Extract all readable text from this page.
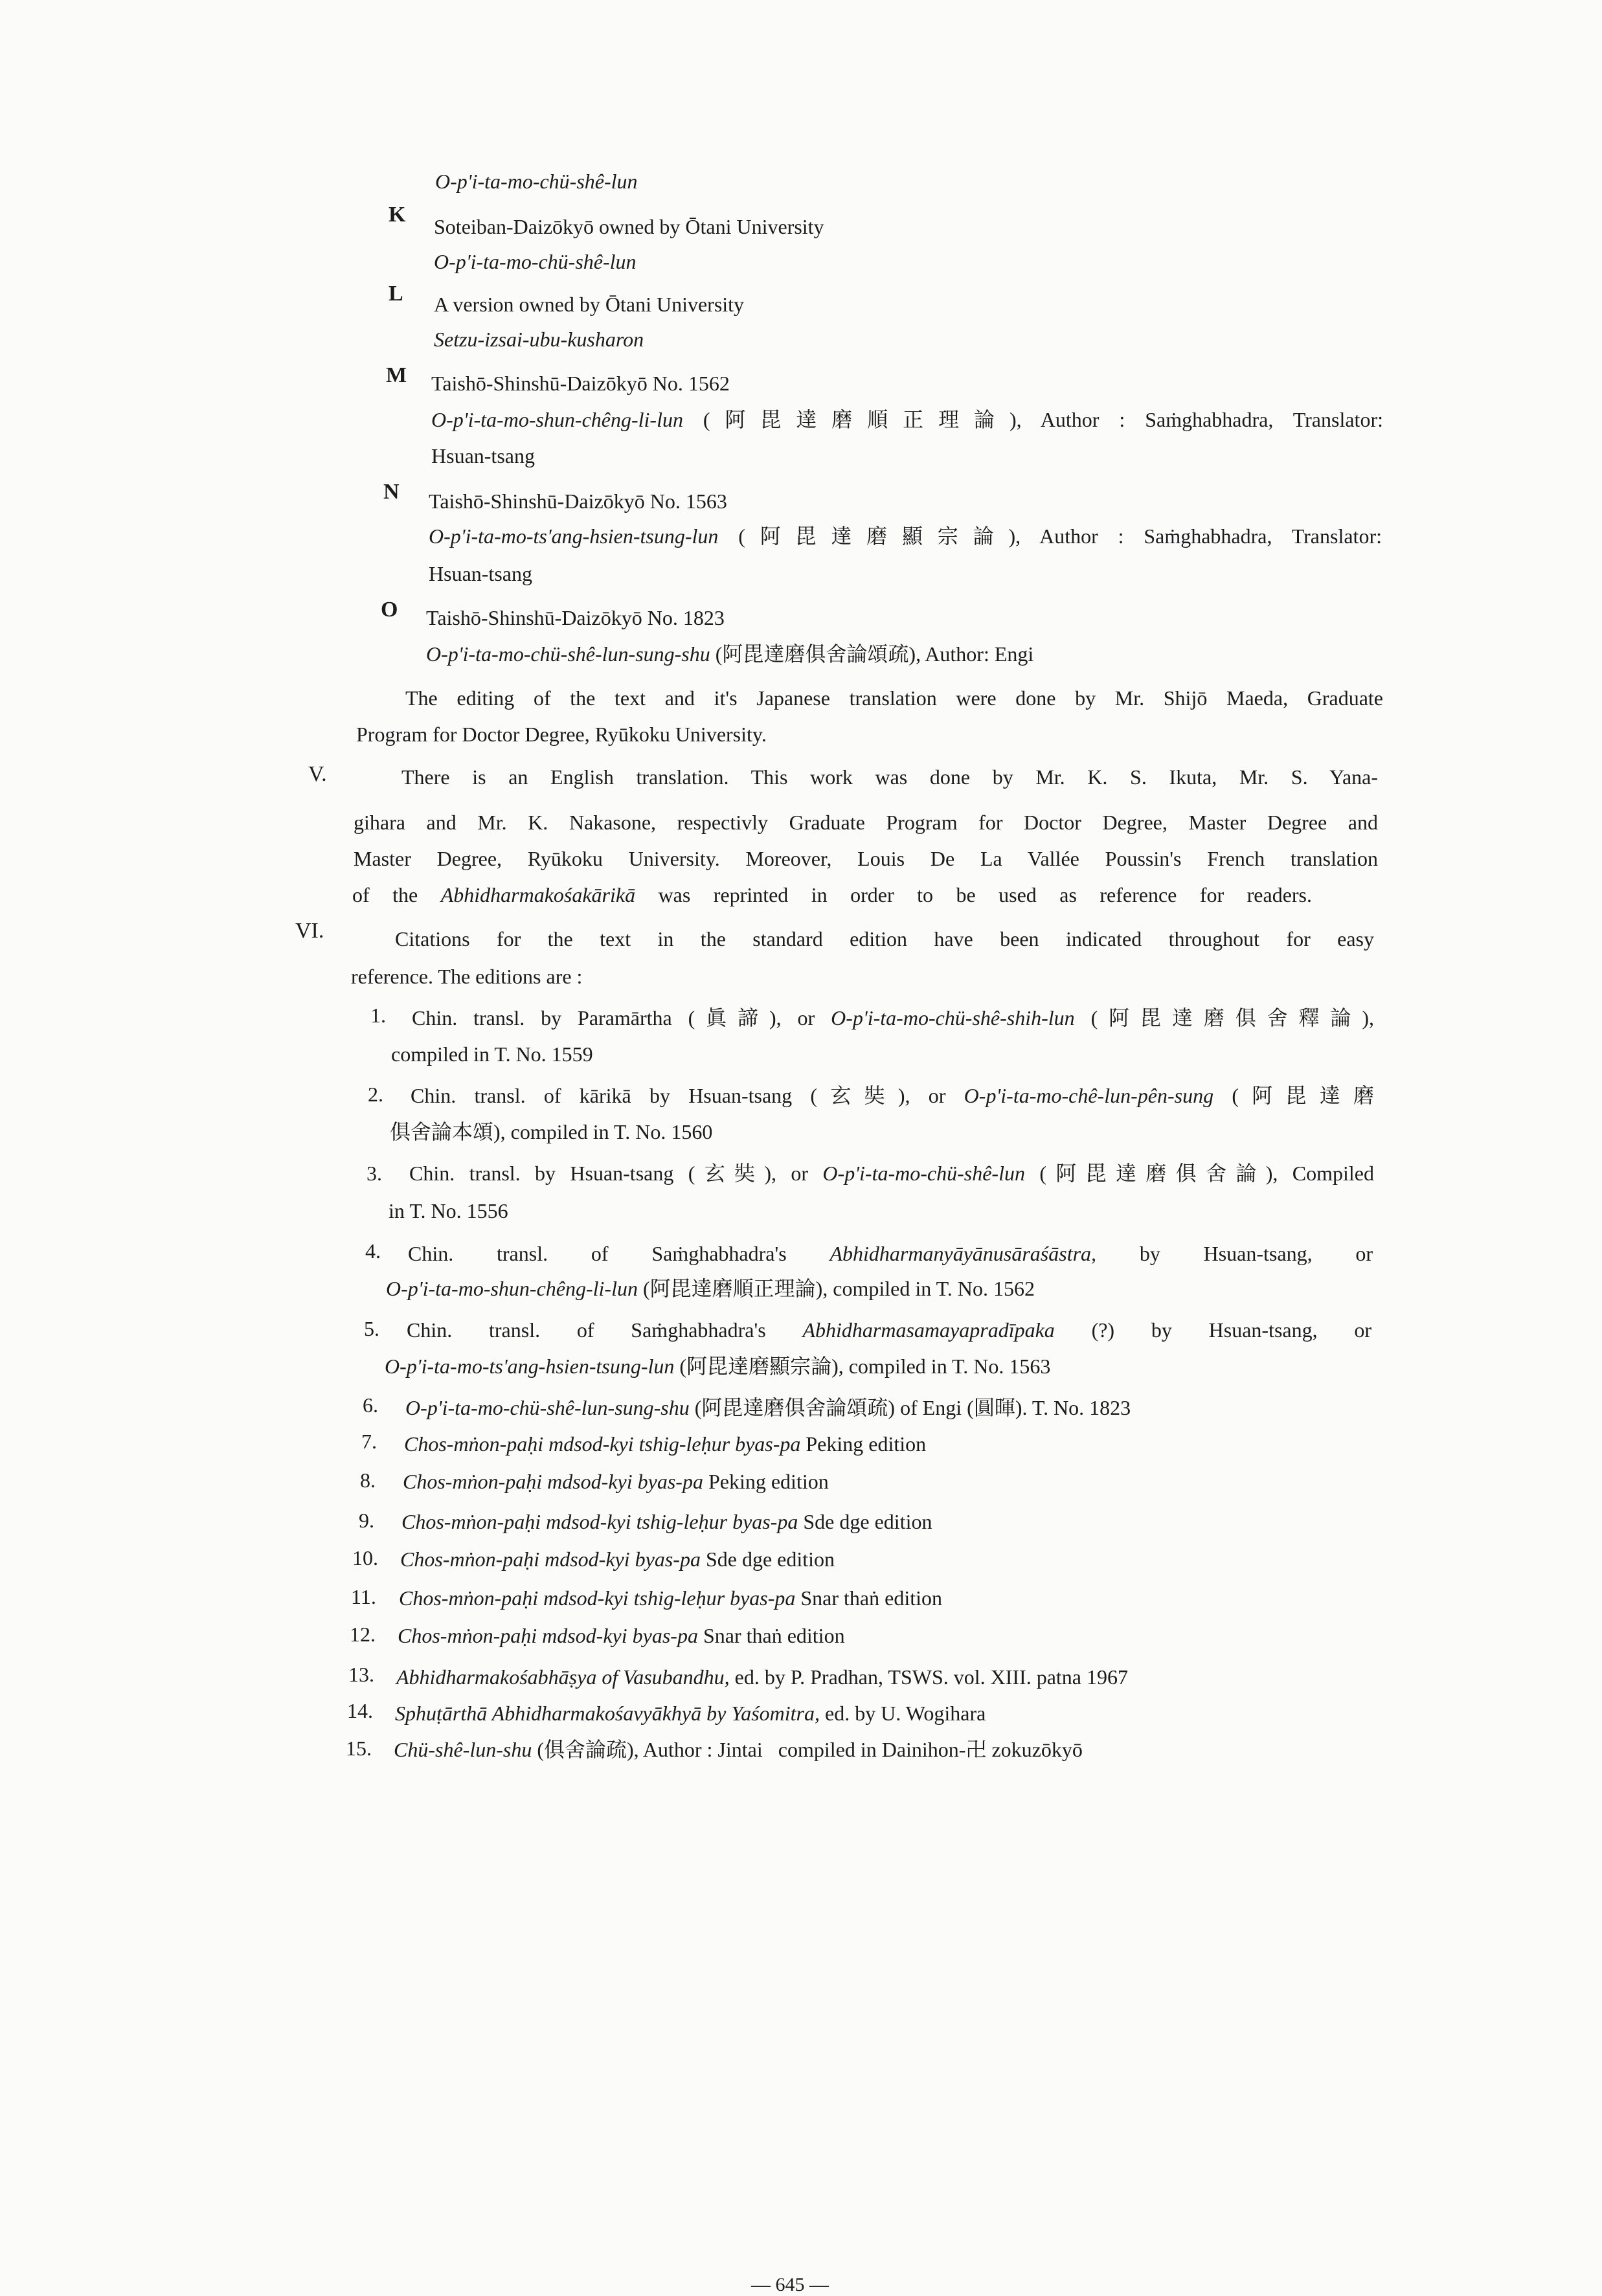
O-p'i-ta-mo-chü-shê-lun
K Soteiban-Daizōkyō owned by Ōtani University
O-p'i-ta-mo-chü-shê-lun
L A version owned by Ōtani University
Setzu-izsai-ubu-kusharon
M Taishō-Shinshū-Daizōkyō No. 1562
O-p'i-ta-mo-shun-chêng-li-lun (阿毘達磨順正理論), Author : Saṁghabhadra, Translator:
Hsuan-tsang
N Taishō-Shinshū-Daizōkyō No. 1563
O-p'i-ta-mo-ts'ang-hsien-tsung-lun (阿毘達磨顯宗論), Author : Saṁghabhadra, Translator:
Hsuan-tsang
O Taishō-Shinshū-Daizōkyō No. 1823
O-p'i-ta-mo-chü-shê-lun-sung-shu (阿毘達磨俱舍論頌疏), Author: Engi
The editing of the text and it's Japanese translation were done by Mr. Shijō Maeda, Graduate
Program for Doctor Degree, Ryūkoku University.
V.	There is an English translation. This work was done by Mr. K. S. Ikuta, Mr. S. Yana-
gihara and Mr. K. Nakasone, respectivly Graduate Program for Doctor Degree, Master Degree and
Master Degree, Ryūkoku University. Moreover, Louis De La Vallée Poussin's French translation
of the Abhidharmakośakārikā was reprinted in order to be used as reference for readers.
VI.	Citations for the text in the standard edition have been indicated throughout for easy
reference. The editions are :
1. Chin. transl. by Paramārtha (眞諦), or O-p'i-ta-mo-chü-shê-shih-lun (阿毘達磨俱舍釋論),
compiled in T. No. 1559
2. Chin. transl. of kārikā by Hsuan-tsang (玄奘), or O-p'i-ta-mo-chê-lun-pên-sung (阿毘達磨
俱舍論本頌), compiled in T. No. 1560
3. Chin. transl. by Hsuan-tsang (玄奘), or O-p'i-ta-mo-chü-shê-lun (阿毘達磨俱舍論), Compiled
in T. No. 1556
4. Chin. transl. of Saṁghabhadra's Abhidharmanyāyānusāraśāstra, by Hsuan-tsang, or
O-p'i-ta-mo-shun-chêng-li-lun (阿毘達磨順正理論), compiled in T. No. 1562
5. Chin. transl. of Saṁghabhadra's Abhidharmasamayapradīpaka (?) by Hsuan-tsang, or
O-p'i-ta-mo-ts'ang-hsien-tsung-lun (阿毘達磨顯宗論), compiled in T. No. 1563
6. O-p'i-ta-mo-chü-shê-lun-sung-shu (阿毘達磨俱舍論頌疏) of Engi (圓暉). T. No. 1823
7. Chos-mṅon-paḥi mdsod-kyi tshig-leḥur byas-pa Peking edition
8. Chos-mṅon-paḥi mdsod-kyi byas-pa Peking edition
9. Chos-mṅon-paḥi mdsod-kyi tshig-leḥur byas-pa Sde dge edition
10. Chos-mṅon-paḥi mdsod-kyi byas-pa Sde dge edition
11. Chos-mṅon-paḥi mdsod-kyi tshig-leḥur byas-pa Snar thaṅ edition
12. Chos-mṅon-paḥi mdsod-kyi byas-pa Snar thaṅ edition
13. Abhidharmakośabhāṣya of Vasubandhu, ed. by P. Pradhan, TSWS. vol. XIII. patna 1967
14. Sphuṭārthā Abhidharmakośavyākhyā by Yaśomitra, ed. by U. Wogihara
15. Chü-shê-lun-shu (俱舍論疏), Author : Jintai   compiled in Dainihon-卍 zokuzōkyō
— 645 —
